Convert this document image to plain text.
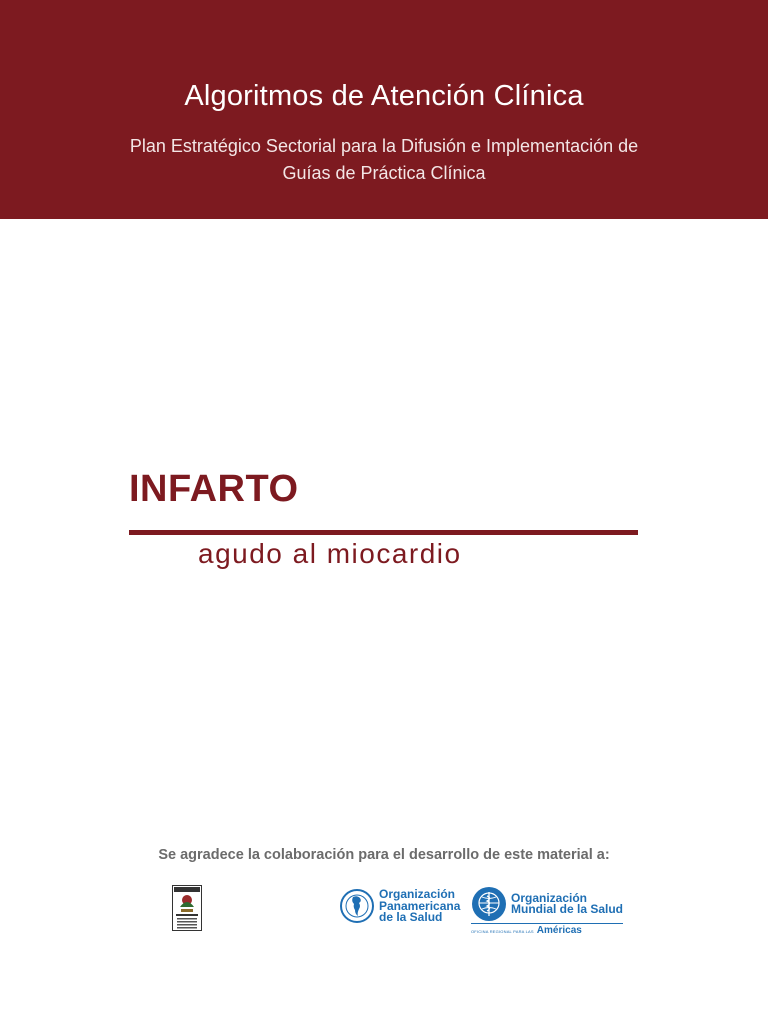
Algoritmos de Atención Clínica
Plan Estratégico Sectorial para la Difusión e Implementación de
Guías de Práctica Clínica
INFARTO
agudo al miocardio
Se agradece la colaboración para el desarrollo de este material a:
Organización
Panamericana
de la Salud
Organización
Mundial de la Salud
OFICINA REGIONAL PARA LAS Américas
